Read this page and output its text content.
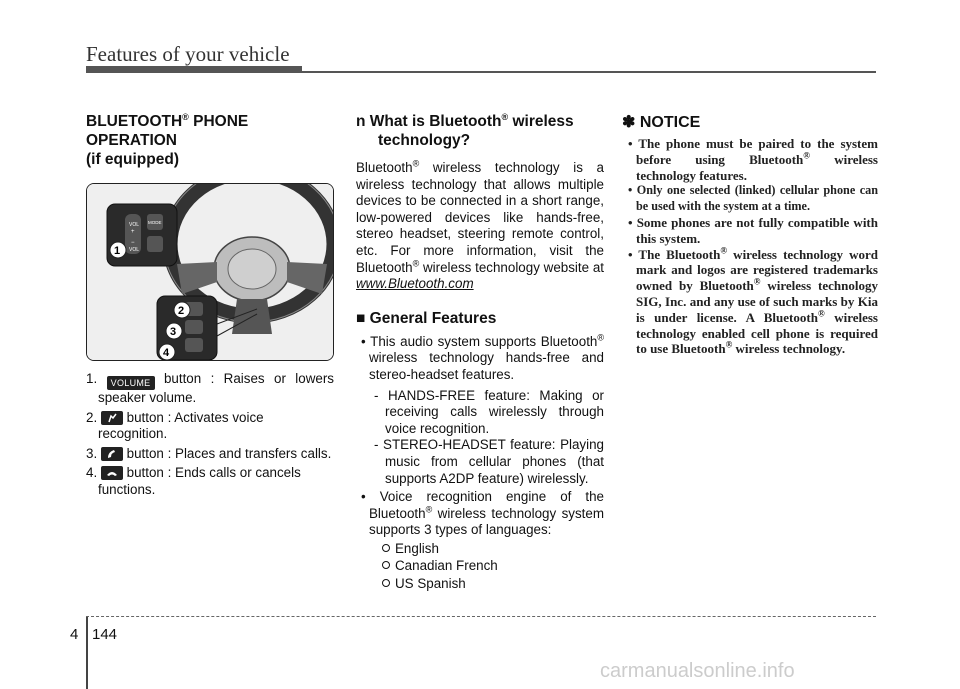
Features of your vehicle
BLUETOOTH® PHONE OPERATION
(if equipped)
VOL
+
MODE
−
VOL
1
2
3
4
1. VOLUME button : Raises or lowers speaker volume.
2.
button : Activates voice recognition.
3.
button : Places and transfers calls.
4.
button : Ends calls or cancels functions.
n What is Bluetooth® wireless
technology?

Bluetooth® wireless technology is a wireless technology that allows multiple devices to be connected in a short range, low-powered devices like hands-free, stereo headset, steering remote control, etc. For more information, visit the Bluetooth® wireless technology website at www.Bluetooth.com

■ General Features
• This audio system supports Bluetooth® wireless technology hands-free and stereo-headset features.
- HANDS-FREE feature: Making or receiving calls wirelessly through voice recognition.
- STEREO-HEADSET feature: Playing music from cellular phones (that supports A2DP feature) wirelessly.
• Voice recognition engine of the Bluetooth® wireless technology system supports 3 types of languages:
English
Canadian French
US Spanish
✽ NOTICE
• The phone must be paired to the system before using Bluetooth® wireless technology features.
• Only one selected (linked) cellular phone can be used with the system at a time.
• Some phones are not fully compatible with this system.
• The Bluetooth® wireless technology word mark and logos are registered trademarks owned by Bluetooth® wireless technology SIG, Inc. and any use of such marks by Kia is under license. A Bluetooth® wireless technology enabled cell phone is required to use Bluetooth® wireless technology.
4 144
carmanualsonline.info
